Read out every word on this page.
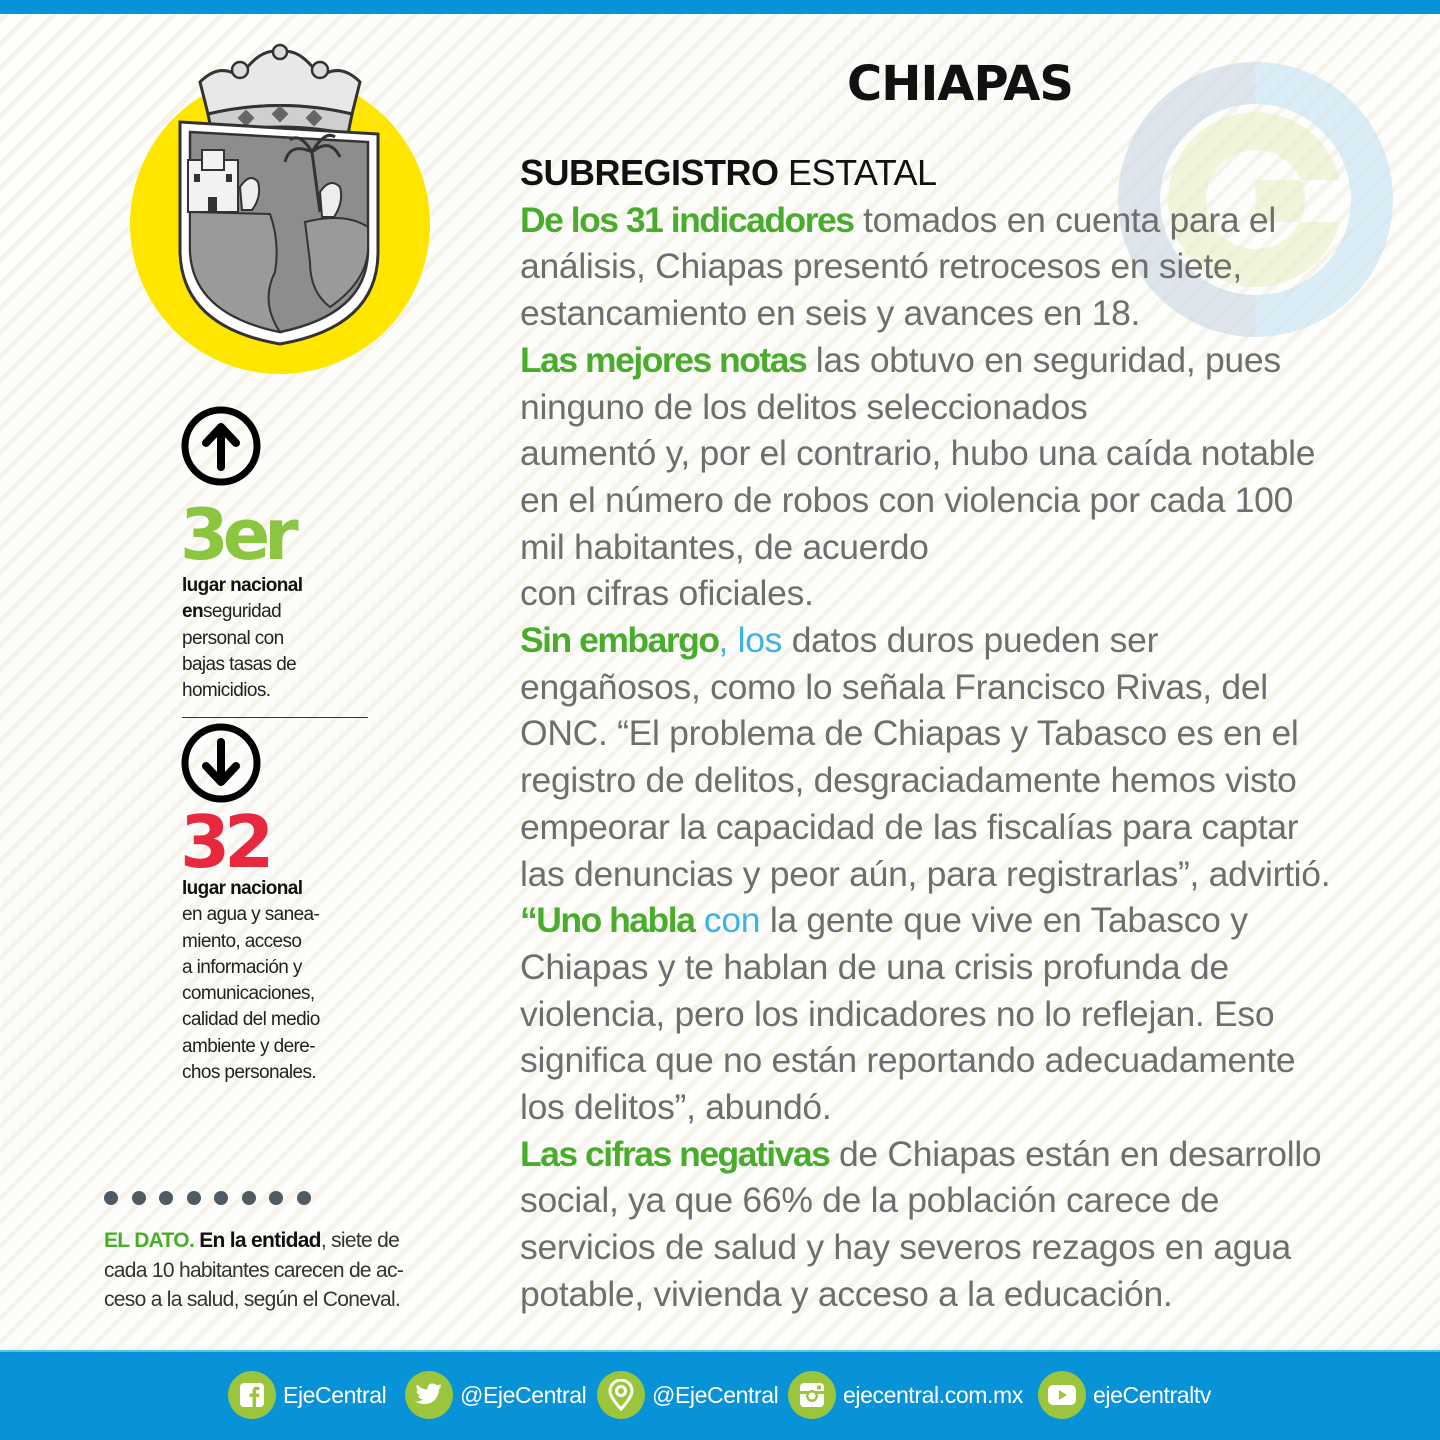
CHIAPAS
SUBREGISTRO ESTATAL
De los 31 indicadores tomados en cuenta para el
análisis, Chiapas presentó retrocesos en siete,
estancamiento en seis y avances en 18.
Las mejores notas las obtuvo en seguridad, pues
ninguno de los delitos seleccionados
aumentó y, por el contrario, hubo una caída notable
en el número de robos con violencia por cada 100
mil habitantes, de acuerdo
con cifras oficiales.
Sin embargo, los datos duros pueden ser
engañosos, como lo señala Francisco Rivas, del
ONC. “El problema de Chiapas y Tabasco es en el
registro de delitos, desgraciadamente hemos visto
empeorar la capacidad de las fiscalías para captar
las denuncias y peor aún, para registrarlas”, advirtió.
“Uno habla con la gente que vive en Tabasco y
Chiapas y te hablan de una crisis profunda de
violencia, pero los indicadores no lo reflejan. Eso
significa que no están reportando adecuadamente
los delitos”, abundó.
Las cifras negativas de Chiapas están en desarrollo
social, ya que 66% de la población carece de
servicios de salud y hay severos rezagos en agua
potable, vivienda y acceso a la educación.
3er
lugar nacional
enseguridad
personal con
bajas tasas de
homicidios.
32
lugar nacional
en agua y sanea-
miento, acceso
a información y
comunicaciones,
calidad del medio
ambiente y dere-
chos personales.
EL DATO. En la entidad, siete de
cada 10 habitantes carecen de ac-
ceso a la salud, según el Coneval.
EjeCentral	@EjeCentral	@EjeCentral	ejecentral.com.mx	ejeCentraltv
